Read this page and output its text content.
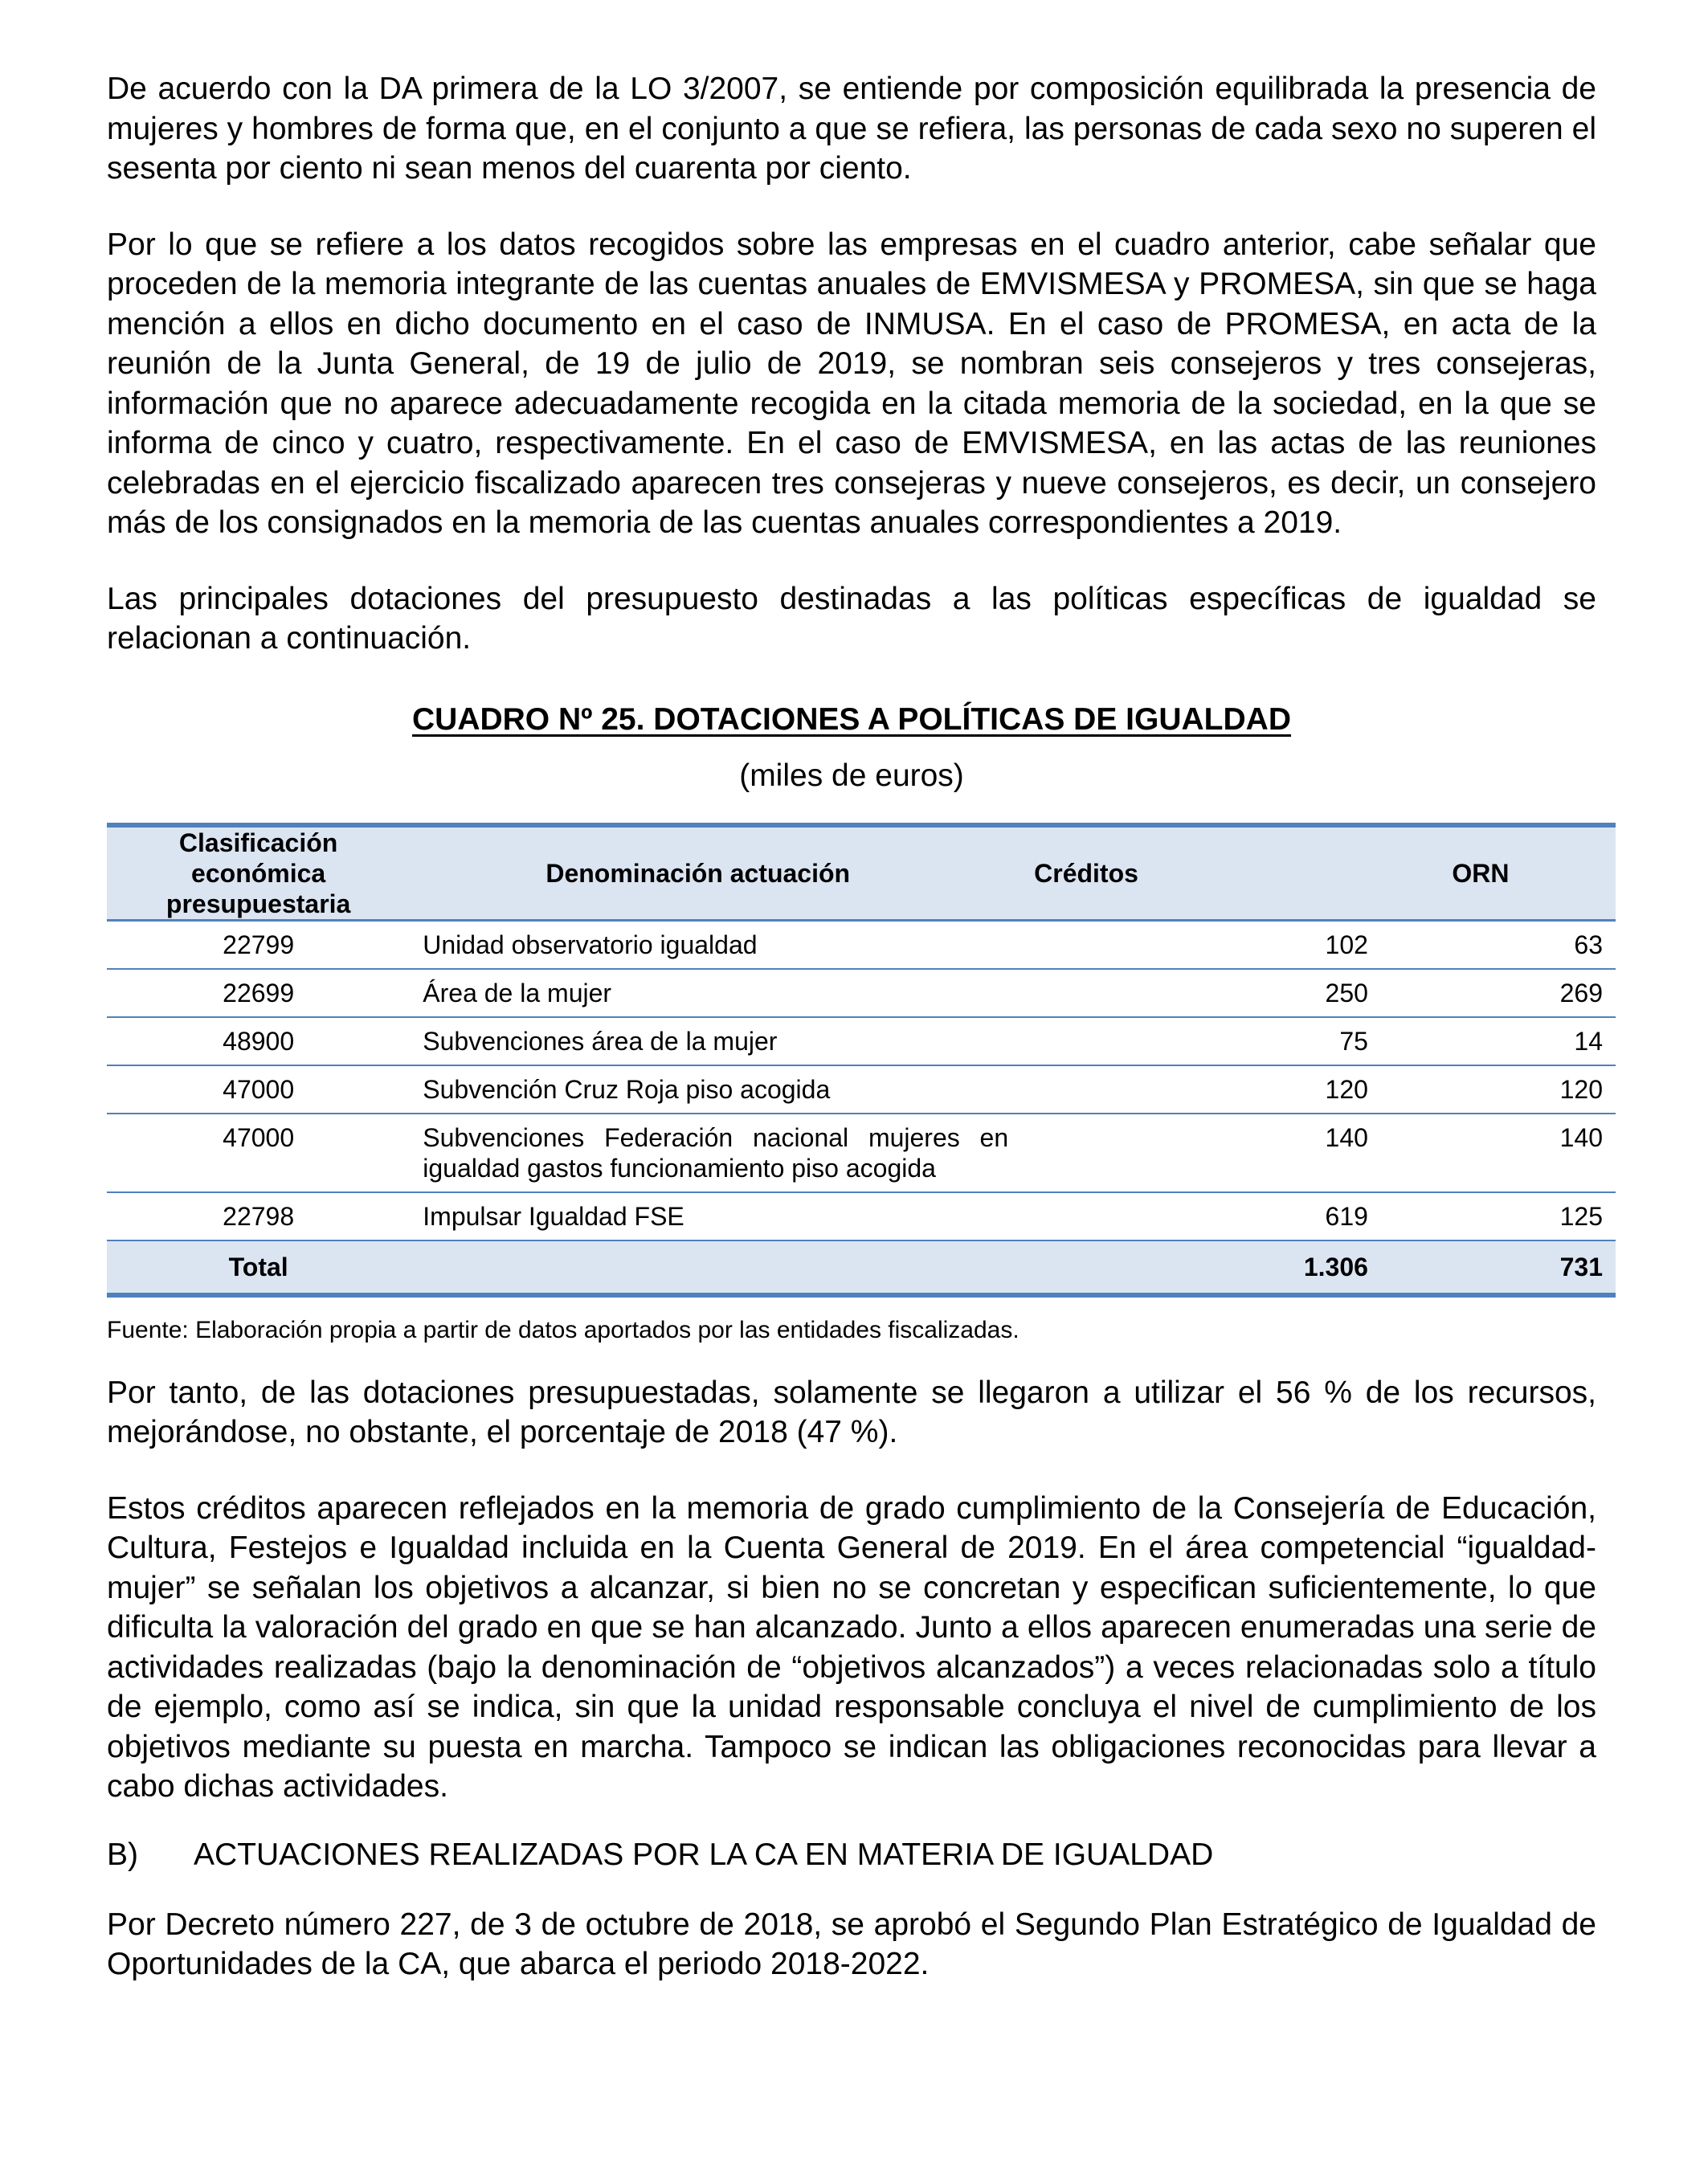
De acuerdo con la DA primera de la LO 3/2007, se entiende por composición equilibrada la presencia de mujeres y hombres de forma que, en el conjunto a que se refiera, las personas de cada sexo no superen el sesenta por ciento ni sean menos del cuarenta por ciento.

Por lo que se refiere a los datos recogidos sobre las empresas en el cuadro anterior, cabe señalar que proceden de la memoria integrante de las cuentas anuales de EMVISMESA y PROMESA, sin que se haga mención a ellos en dicho documento en el caso de INMUSA. En el caso de PROMESA, en acta de la reunión de la Junta General, de 19 de julio de 2019, se nombran seis consejeros y tres consejeras, información que no aparece adecuadamente recogida en la citada memoria de la sociedad, en la que se informa de cinco y cuatro, respectivamente. En el caso de EMVISMESA, en las actas de las reuniones celebradas en el ejercicio fiscalizado aparecen tres consejeras y nueve consejeros, es decir, un consejero más de los consignados en la memoria de las cuentas anuales correspondientes a 2019.

Las principales dotaciones del presupuesto destinadas a las políticas específicas de igualdad se relacionan a continuación.

CUADRO Nº 25. DOTACIONES A POLÍTICAS DE IGUALDAD

(miles de euros)

Clasificación económica presupuestaria	Denominación actuación	Créditos	ORN
22799	Unidad observatorio igualdad	102	63
22699	Área de la mujer	250	269
48900	Subvenciones área de la mujer	75	14
47000	Subvención Cruz Roja piso acogida	120	120
47000	Subvenciones Federación nacional mujeres en igualdad gastos funcionamiento piso acogida	140	140
22798	Impulsar Igualdad FSE	619	125
Total		1.306	731

Fuente: Elaboración propia a partir de datos aportados por las entidades fiscalizadas.

Por tanto, de las dotaciones presupuestadas, solamente se llegaron a utilizar el 56 % de los recursos, mejorándose, no obstante, el porcentaje de 2018 (47 %).

Estos créditos aparecen reflejados en la memoria de grado cumplimiento de la Consejería de Educación, Cultura, Festejos e Igualdad incluida en la Cuenta General de 2019. En el área competencial “igualdad-mujer” se señalan los objetivos a alcanzar, si bien no se concretan y especifican suficientemente, lo que dificulta la valoración del grado en que se han alcanzado. Junto a ellos aparecen enumeradas una serie de actividades realizadas (bajo la denominación de “objetivos alcanzados”) a veces relacionadas solo a título de ejemplo, como así se indica, sin que la unidad responsable concluya el nivel de cumplimiento de los objetivos mediante su puesta en marcha. Tampoco se indican las obligaciones reconocidas para llevar a cabo dichas actividades.

B) ACTUACIONES REALIZADAS POR LA CA EN MATERIA DE IGUALDAD

Por Decreto número 227, de 3 de octubre de 2018, se aprobó el Segundo Plan Estratégico de Igualdad de Oportunidades de la CA, que abarca el periodo 2018-2022.
